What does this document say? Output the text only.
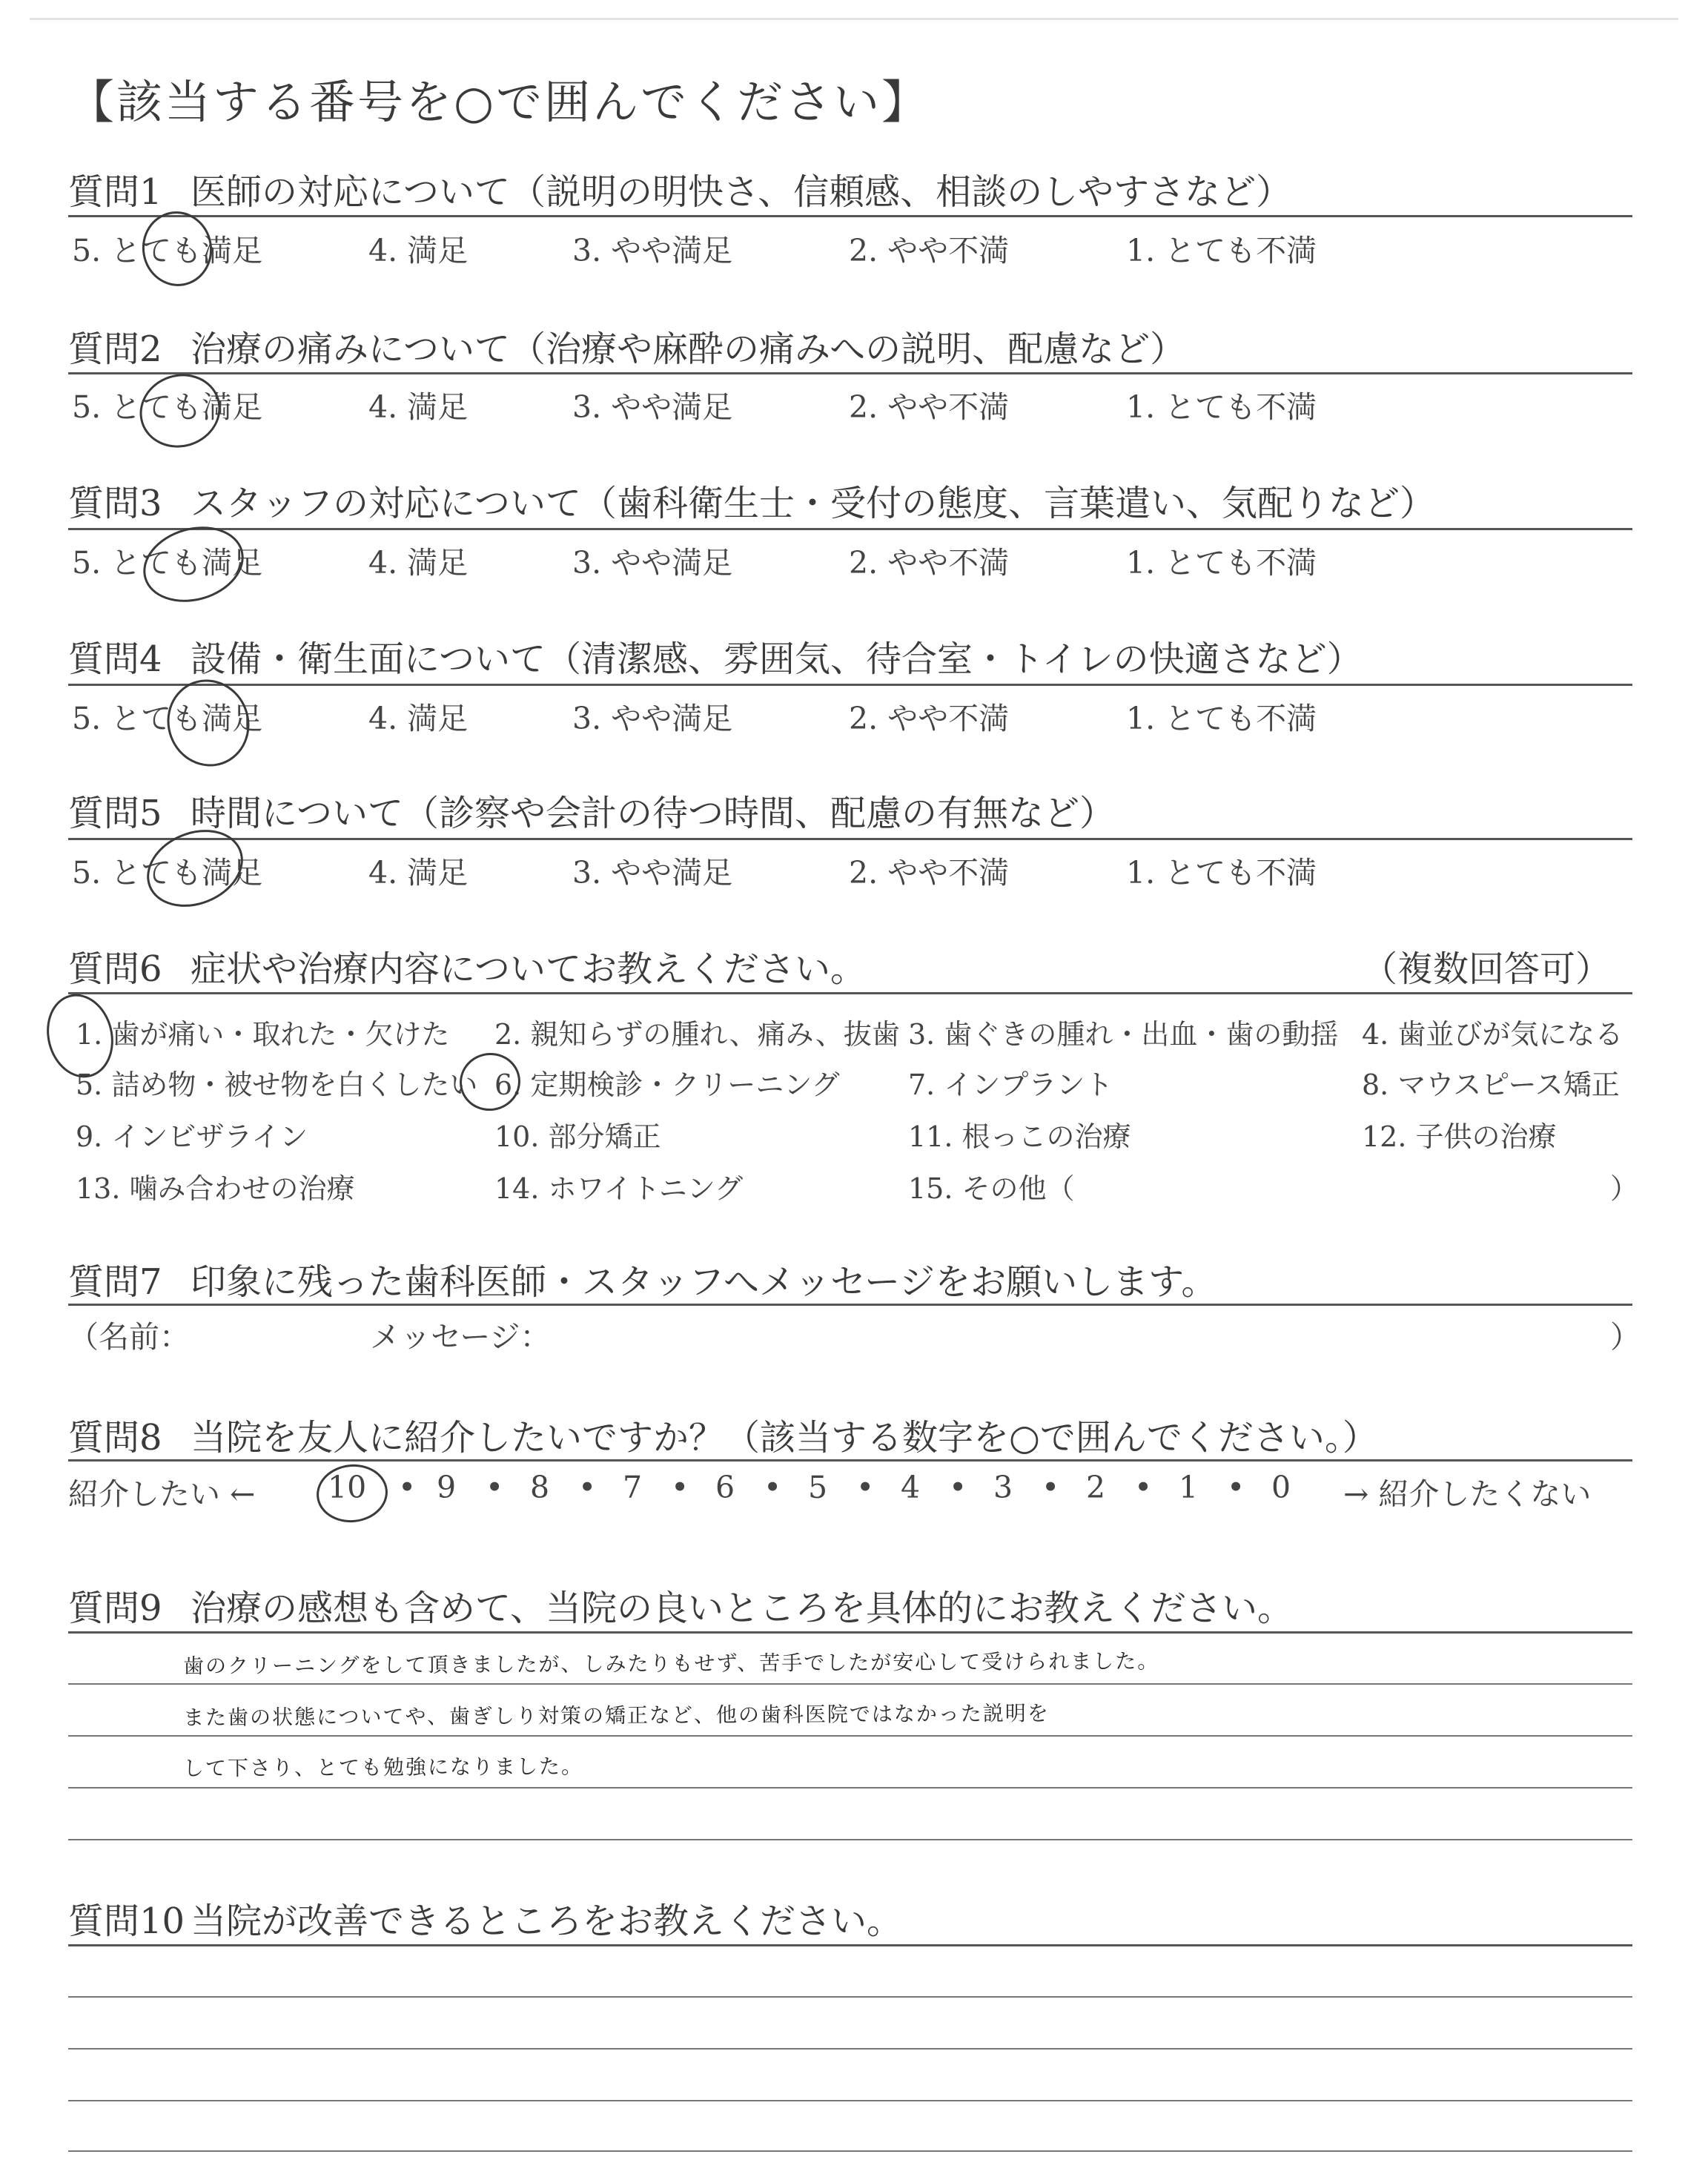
【該当する番号を○で囲んでください】
質問1 医師の対応について（説明の明快さ、信頼感、相談のしやすさなど）
5. とても満足	4. 満足	3. やや満足	2. やや不満	1. とても不満
質問2 治療の痛みについて（治療や麻酔の痛みへの説明、配慮など）
5. とても満足	4. 満足	3. やや満足	2. やや不満	1. とても不満
質問3 スタッフの対応について（歯科衛生士・受付の態度、言葉遣い、気配りなど）
5. とても満足	4. 満足	3. やや満足	2. やや不満	1. とても不満
質問4 設備・衛生面について（清潔感、雰囲気、待合室・トイレの快適さなど）
5. とても満足	4. 満足	3. やや満足	2. やや不満	1. とても不満
質問5 時間について（診察や会計の待つ時間、配慮の有無など）
5. とても満足	4. 満足	3. やや満足	2. やや不満	1. とても不満
質問6 症状や治療内容についてお教えください。	（複数回答可）
1. 歯が痛い・取れた・欠けた 2. 親知らずの腫れ、痛み、抜歯 3. 歯ぐきの腫れ・出血・歯の動揺 4. 歯並びが気になる
5. 詰め物・被せ物を白くしたい 6. 定期検診・クリーニング 7. インプラント	8. マウスピース矯正
9. インビザライン	10. 部分矯正	11. 根っこの治療	12. 子供の治療
13. 噛み合わせの治療	14. ホワイトニング	15. その他（	）
質問7 印象に残った歯科医師・スタッフへメッセージをお願いします。
（名前：	メッセージ：	）
質問8 当院を友人に紹介したいですか？（該当する数字を○で囲んでください。）
紹介したい ←	→ 紹介したくない
10 • 9 • 8 • 7 • 6 • 5 • 4 • 3 • 2 • 1 • 0
質問9 治療の感想も含めて、当院の良いところを具体的にお教えください。
歯のクリーニングをして頂きましたが、しみたりもせず、苦手でしたが安心して受けられました。
また歯の状態についてや、歯ぎしり対策の矯正など、他の歯科医院ではなかった説明を
して下さり、とても勉強になりました。
質問10 当院が改善できるところをお教えください。
